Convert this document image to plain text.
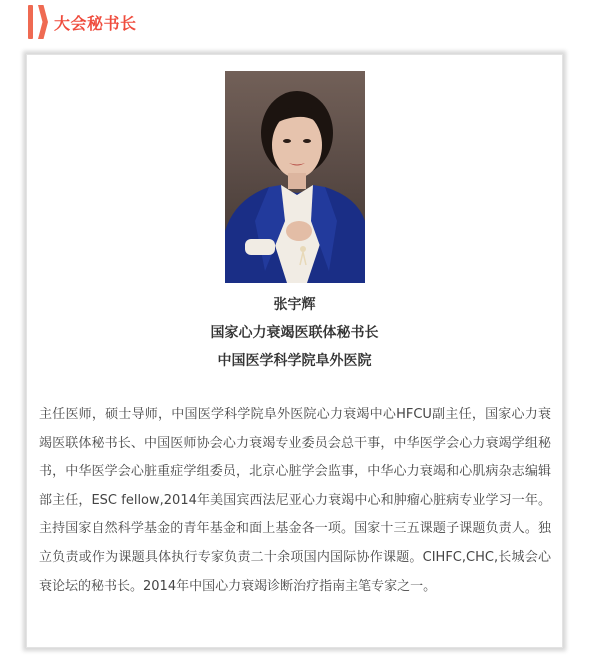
大会秘书长
张宇辉
国家心力衰竭医联体秘书长
中国医学科学院阜外医院

主任医师，硕士导师，中国医学科学院阜外医院心力衰竭中心HFCU副主任，国家心力衰竭医联体秘书长、中国医师协会心力衰竭专业委员会总干事，中华医学会心力衰竭学组秘书，中华医学会心脏重症学组委员，北京心脏学会监事，中华心力衰竭和心肌病杂志编辑部主任，ESC fellow,2014年美国宾西法尼亚心力衰竭中心和肿瘤心脏病专业学习一年。主持国家自然科学基金的青年基金和面上基金各一项。国家十三五课题子课题负责人。独立负责或作为课题具体执行专家负责二十余项国内国际协作课题。CIHFC,CHC,长城会心衰论坛的秘书长。2014年中国心力衰竭诊断治疗指南主笔专家之一。
